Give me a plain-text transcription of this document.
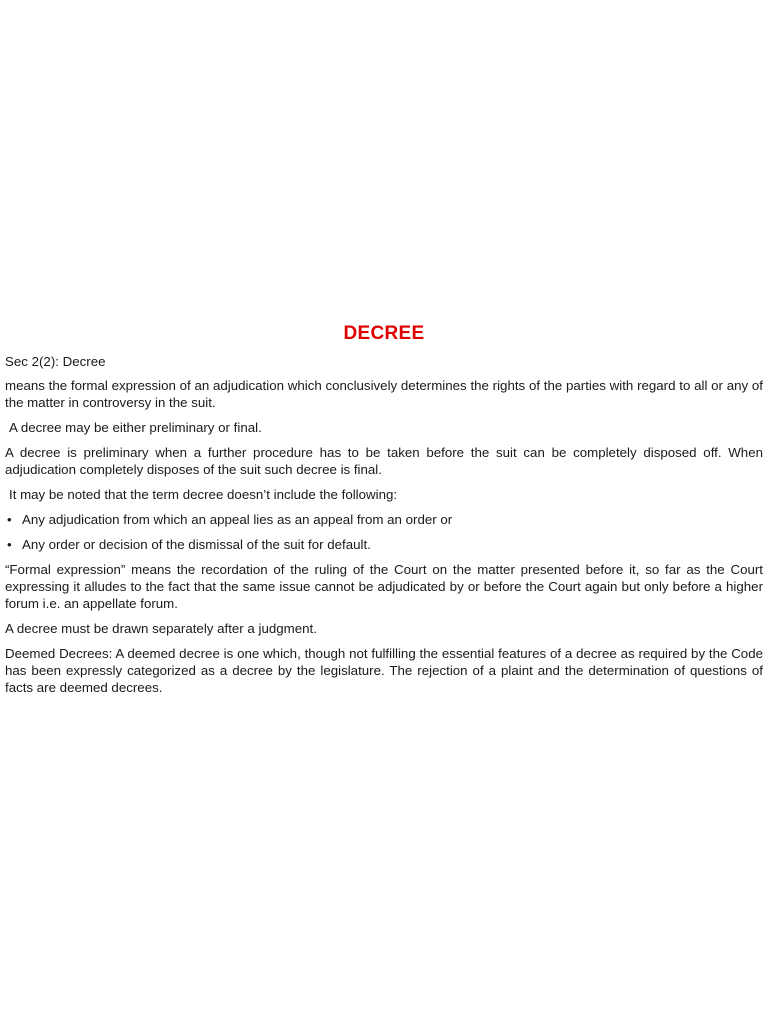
DECREE

Sec 2(2): Decree

means the formal expression of an adjudication which conclusively determines the rights of the parties with regard to all or any of the matter in controversy in the suit.

A decree may be either preliminary or final.

A decree is preliminary when a further procedure has to be taken before the suit can be completely disposed off. When adjudication completely disposes of the suit such decree is final.

It may be noted that the term decree doesn’t include the following:

• Any adjudication from which an appeal lies as an appeal from an order or
• Any order or decision of the dismissal of the suit for default.

“Formal expression” means the recordation of the ruling of the Court on the matter presented before it, so far as the Court expressing it alludes to the fact that the same issue cannot be adjudicated by or before the Court again but only before a higher forum i.e. an appellate forum.

A decree must be drawn separately after a judgment.

Deemed Decrees: A deemed decree is one which, though not fulfilling the essential features of a decree as required by the Code has been expressly categorized as a decree by the legislature. The rejection of a plaint and the determination of questions of facts are deemed decrees.
